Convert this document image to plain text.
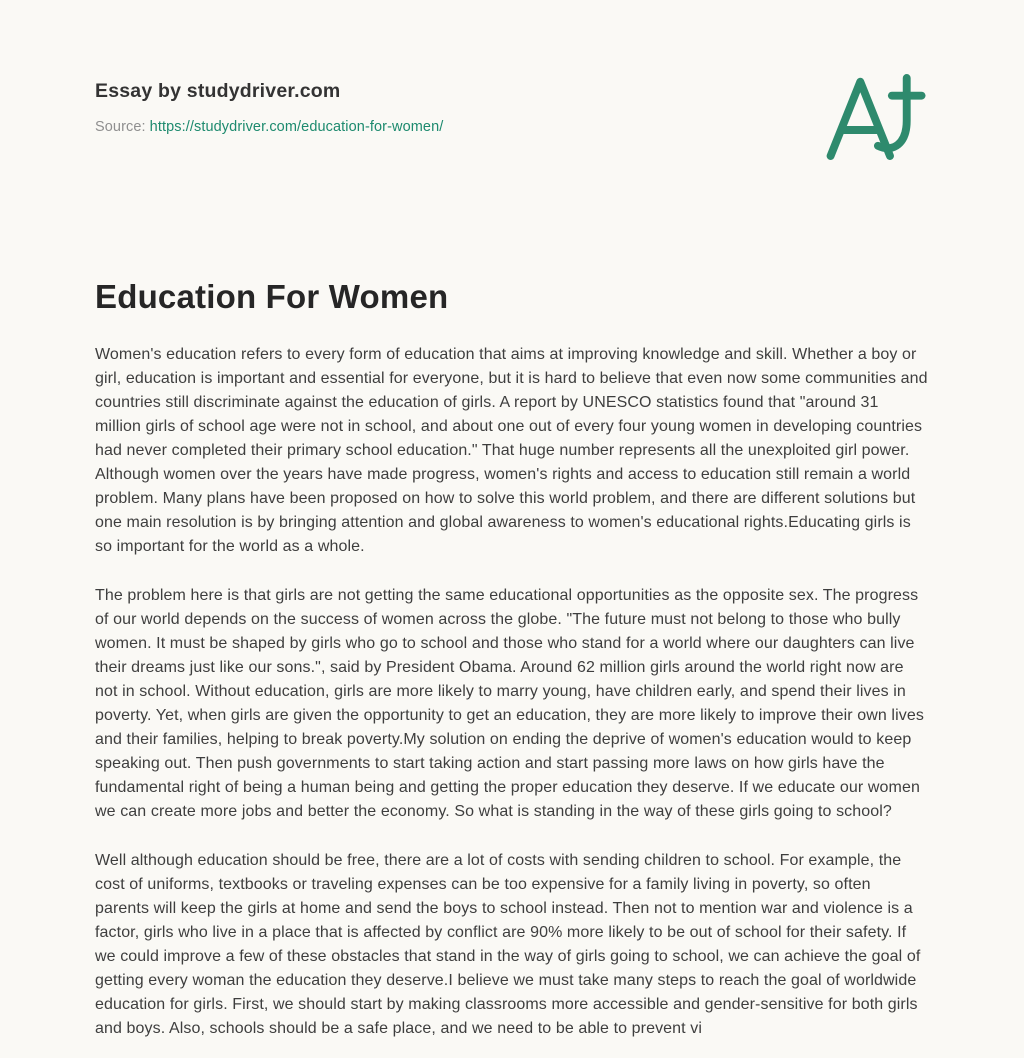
Essay by studydriver.com
Source: https://studydriver.com/education-for-women/
Education For Women

Women's education refers to every form of education that aims at improving knowledge and skill. Whether a boy or girl, education is important and essential for everyone, but it is hard to believe that even now some communities and countries still discriminate against the education of girls. A report by UNESCO statistics found that "around 31 million girls of school age were not in school, and about one out of every four young women in developing countries had never completed their primary school education." That huge number represents all the unexploited girl power. Although women over the years have made progress, women's rights and access to education still remain a world problem. Many plans have been proposed on how to solve this world problem, and there are different solutions but one main resolution is by bringing attention and global awareness to women's educational rights.Educating girls is so important for the world as a whole.

The problem here is that girls are not getting the same educational opportunities as the opposite sex. The progress of our world depends on the success of women across the globe. "The future must not belong to those who bully women. It must be shaped by girls who go to school and those who stand for a world where our daughters can live their dreams just like our sons.", said by President Obama. Around 62 million girls around the world right now are not in school. Without education, girls are more likely to marry young, have children early, and spend their lives in poverty. Yet, when girls are given the opportunity to get an education, they are more likely to improve their own lives and their families, helping to break poverty.My solution on ending the deprive of women's education would to keep speaking out. Then push governments to start taking action and start passing more laws on how girls have the fundamental right of being a human being and getting the proper education they deserve. If we educate our women we can create more jobs and better the economy. So what is standing in the way of these girls going to school?

Well although education should be free, there are a lot of costs with sending children to school. For example, the cost of uniforms, textbooks or traveling expenses can be too expensive for a family living in poverty, so often parents will keep the girls at home and send the boys to school instead. Then not to mention war and violence is a factor, girls who live in a place that is affected by conflict are 90% more likely to be out of school for their safety. If we could improve a few of these obstacles that stand in the way of girls going to school, we can achieve the goal of getting every woman the education they deserve.I believe we must take many steps to reach the goal of worldwide education for girls. First, we should start by making classrooms more accessible and gender-sensitive for both girls and boys. Also, schools should be a safe place, and we need to be able to prevent vi
